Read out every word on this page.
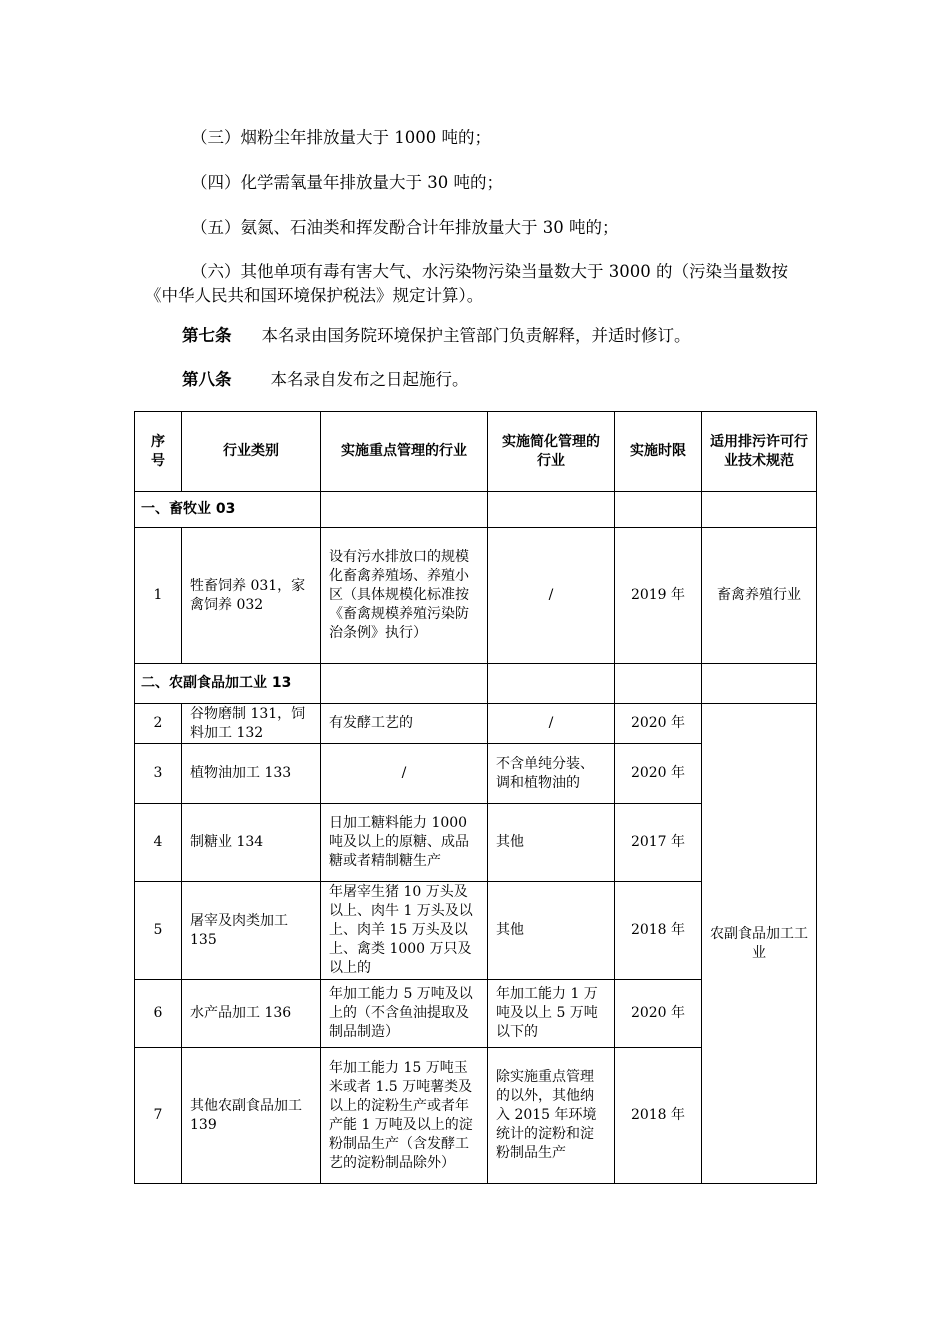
（三）烟粉尘年排放量大于 1000 吨的；
（四）化学需氧量年排放量大于 30 吨的；
（五）氨氮、石油类和挥发酚合计年排放量大于 30 吨的；
（六）其他单项有毒有害大气、水污染物污染当量数大于 3000 的（污染当量数按《中华人民共和国环境保护税法》规定计算）。
第七条 本名录由国务院环境保护主管部门负责解释，并适时修订。
第八条 本名录自发布之日起施行。
序号	行业类别	实施重点管理的行业	实施简化管理的行业	实施时限	适用排污许可行业技术规范
一、畜牧业 03					
1	牲畜饲养 031，家禽饲养 032	设有污水排放口的规模化畜禽养殖场、养殖小区（具体规模化标准按《畜禽规模养殖污染防治条例》执行）	/	2019 年	畜禽养殖行业
二、农副食品加工业 13					
2	谷物磨制 131，饲料加工 132	有发酵工艺的	/	2020 年	农副食品加工工业
3	植物油加工 133	/	不含单纯分装、调和植物油的	2020 年	
4	制糖业 134	日加工糖料能力 1000 吨及以上的原糖、成品糖或者精制糖生产	其他	2017 年	
5	屠宰及肉类加工 135	年屠宰生猪 10 万头及以上、肉牛 1 万头及以上、肉羊 15 万头及以上、禽类 1000 万只及以上的	其他	2018 年	
6	水产品加工 136	年加工能力 5 万吨及以上的（不含鱼油提取及制品制造）	年加工能力 1 万吨及以上 5 万吨以下的	2020 年	
7	其他农副食品加工 139	年加工能力 15 万吨玉米或者 1.5 万吨薯类及以上的淀粉生产或者年产能 1 万吨及以上的淀粉制品生产（含发酵工艺的淀粉制品除外）	除实施重点管理的以外，其他纳入 2015 年环境统计的淀粉和淀粉制品生产	2018 年	
